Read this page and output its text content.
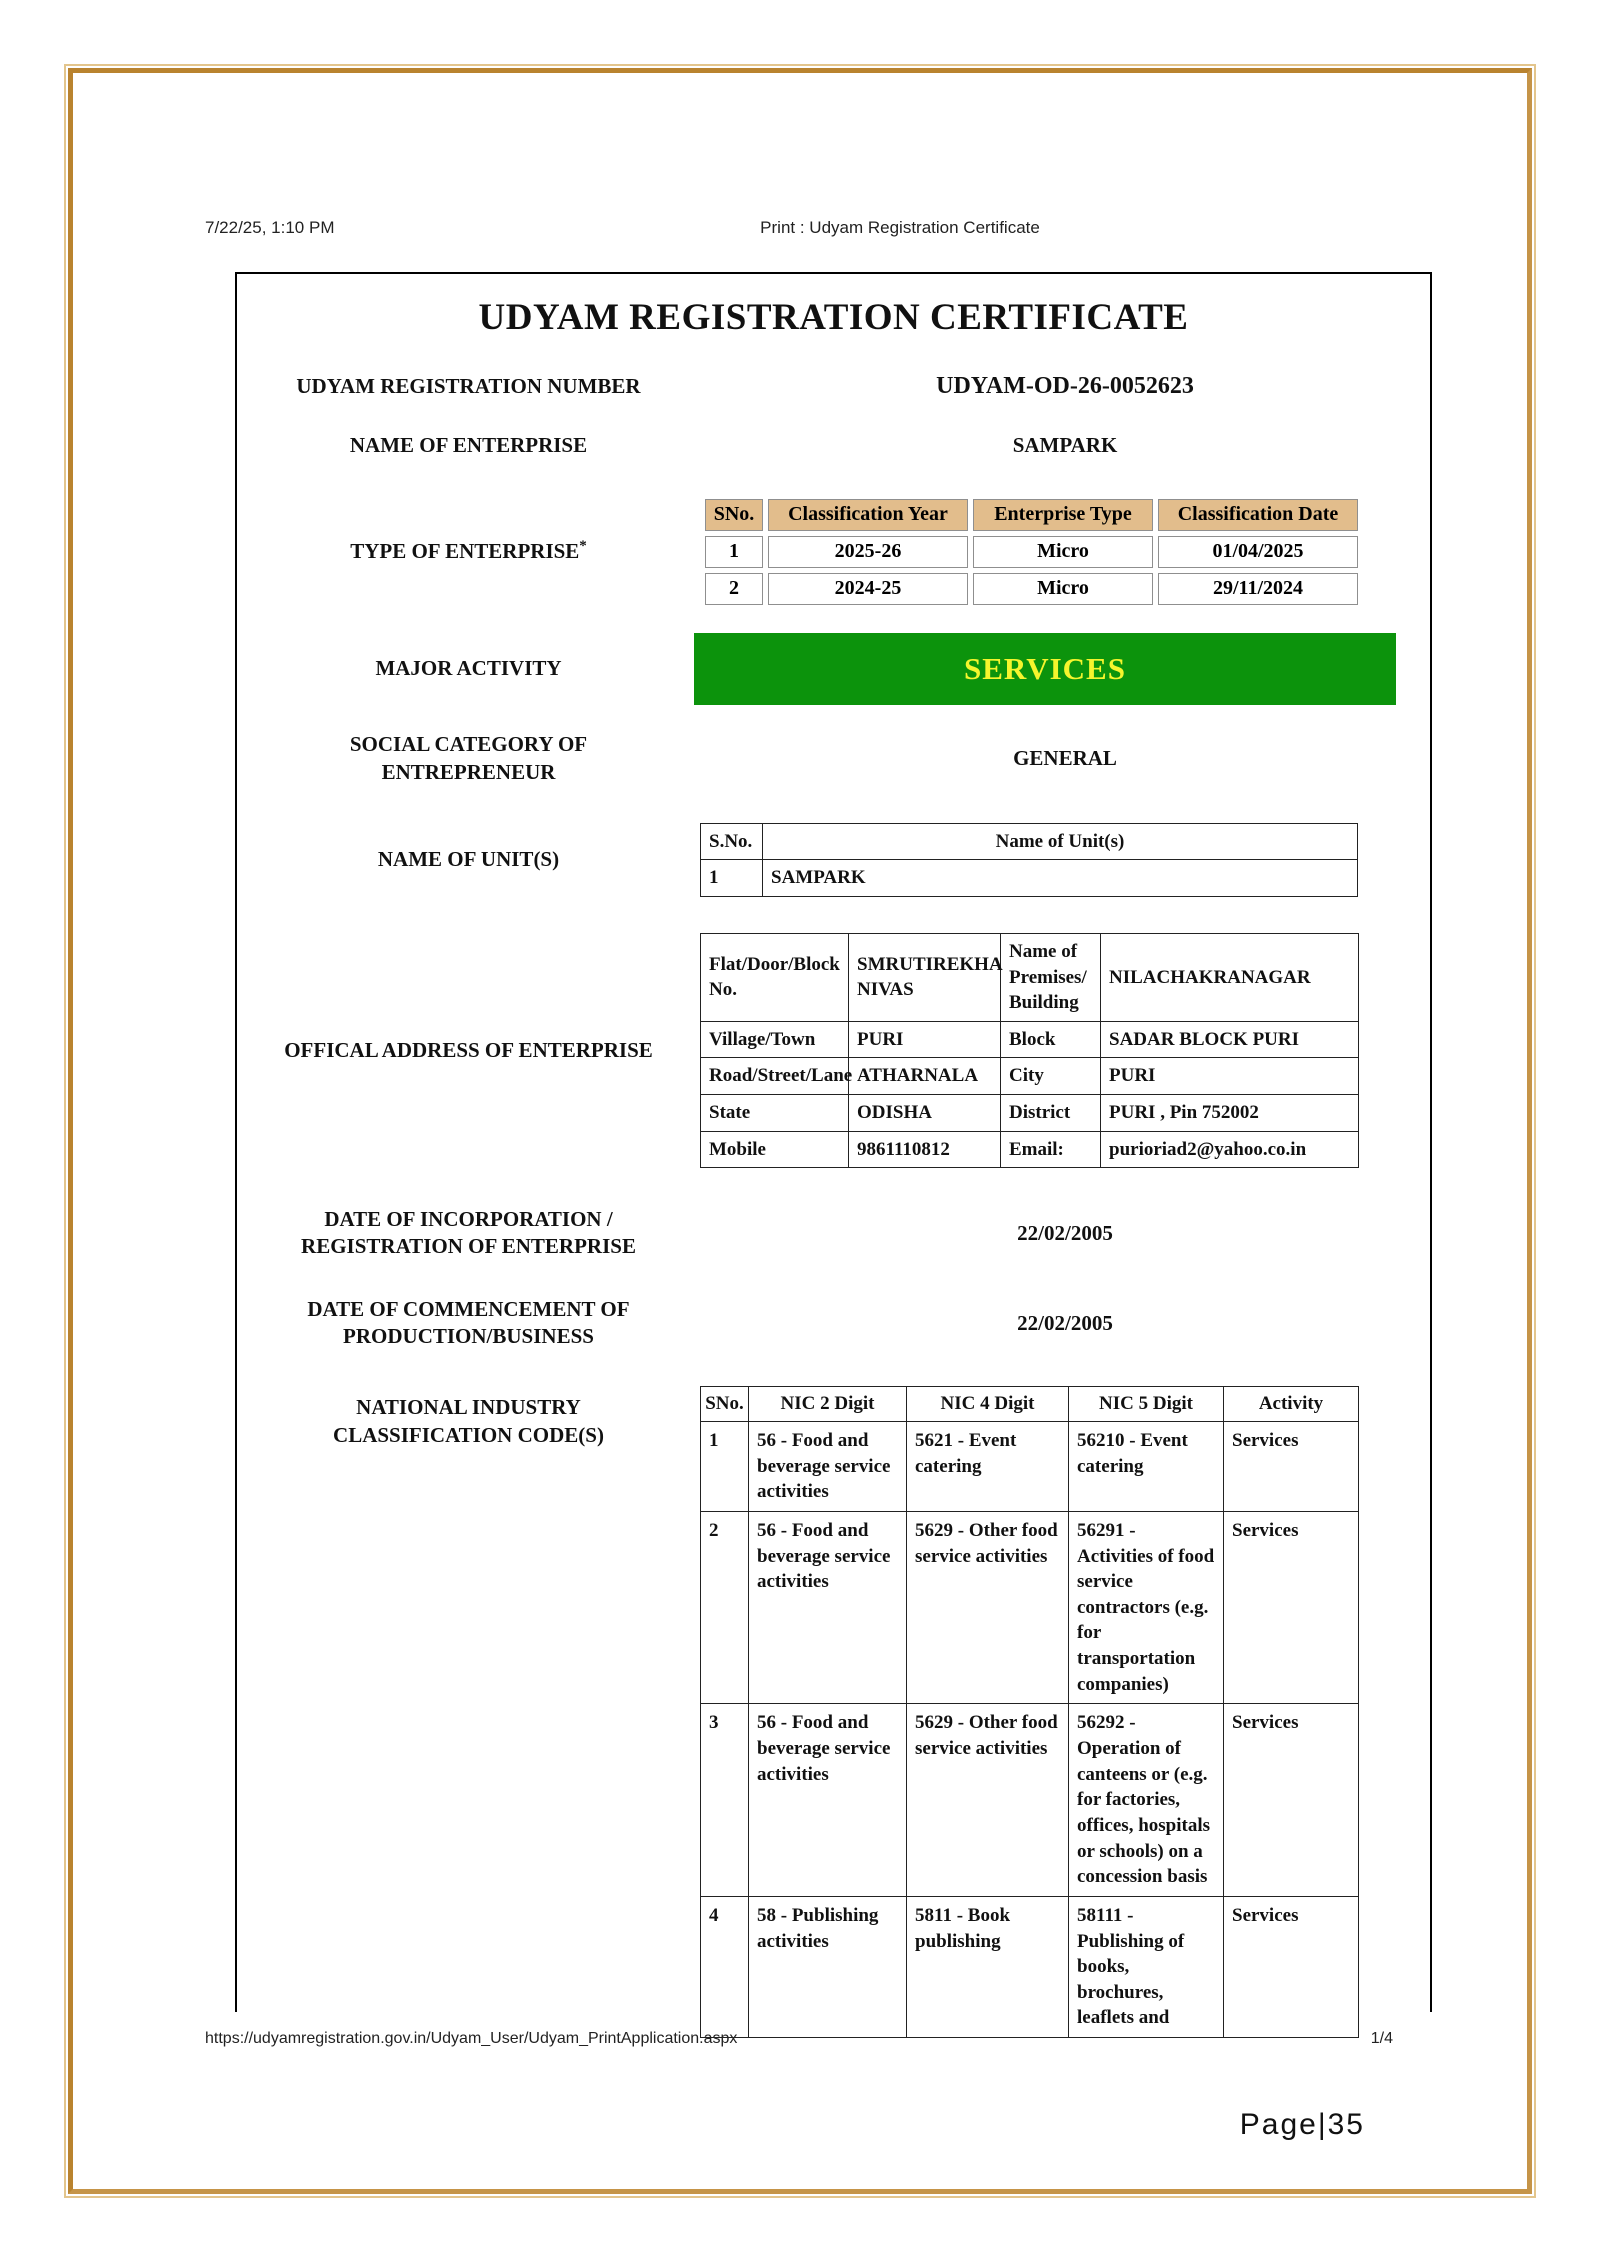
7/22/25, 1:10 PM	Print : Udyam Registration Certificate
UDYAM REGISTRATION CERTIFICATE
UDYAM REGISTRATION NUMBER	UDYAM-OD-26-0052623
NAME OF ENTERPRISE	SAMPARK
TYPE OF ENTERPRISE*
SNo.	Classification Year	Enterprise Type	Classification Date
1	2025-26	Micro	01/04/2025
2	2024-25	Micro	29/11/2024
MAJOR ACTIVITY	SERVICES
SOCIAL CATEGORY OF ENTREPRENEUR
GENERAL
NAME OF UNIT(S)
S.No.	Name of Unit(s)
1	SAMPARK
OFFICAL ADDRESS OF ENTERPRISE
Flat/Door/Block No.	SMRUTIREKHA NIVAS	Name of Premises/ Building	NILACHAKRANAGAR
Village/Town	PURI	Block	SADAR BLOCK PURI
Road/Street/Lane	ATHARNALA	City	PURI
State	ODISHA	District	PURI , Pin 752002
Mobile	9861110812	Email:	purioriad2@yahoo.co.in
DATE OF INCORPORATION / REGISTRATION OF ENTERPRISE
22/02/2005
DATE OF COMMENCEMENT OF PRODUCTION/BUSINESS
22/02/2005
NATIONAL INDUSTRY CLASSIFICATION CODE(S)
SNo.	NIC 2 Digit	NIC 4 Digit	NIC 5 Digit	Activity
1	56 - Food and beverage service activities	5621 - Event catering	56210 - Event catering	Services
2	56 - Food and beverage service activities	5629 - Other food service activities	56291 - Activities of food service contractors (e.g. for transportation companies)	Services
3	56 - Food and beverage service activities	5629 - Other food service activities	56292 - Operation of canteens or (e.g. for factories, offices, hospitals or schools) on a concession basis	Services
4	58 - Publishing activities	5811 - Book publishing	58111 - Publishing of books, brochures, leaflets and	Services
https://udyamregistration.gov.in/Udyam_User/Udyam_PrintApplication.aspx	1/4
Page|35
